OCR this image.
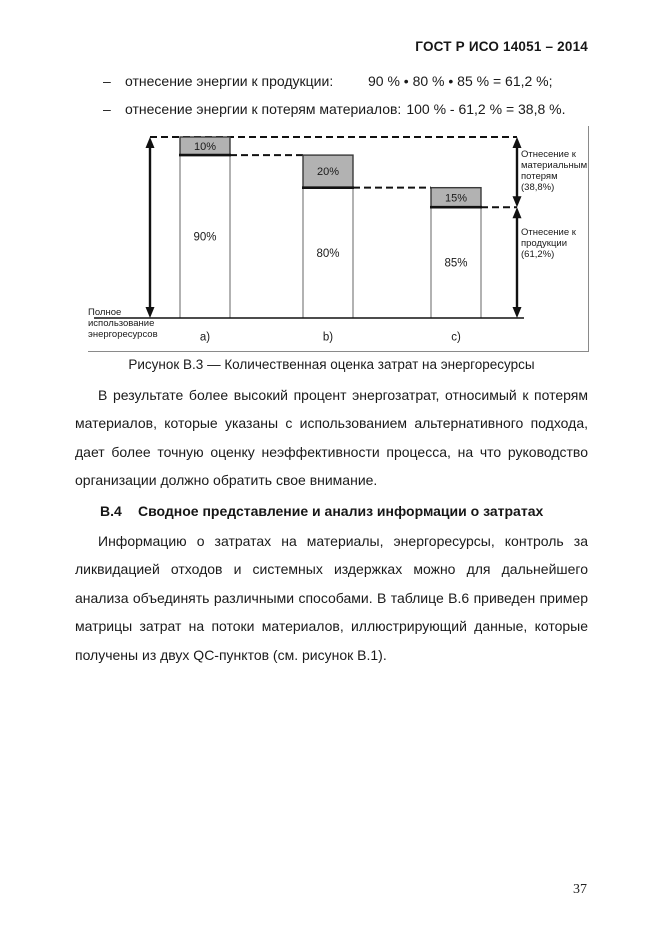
ГОСТ Р ИСО 14051 – 2014
– отнесение энергии к продукции: 90 % • 80 % • 85 % = 61,2 %;
– отнесение энергии к потерям материалов: 100 % - 61,2 % = 38,8 %.
10%
90%
a)
20%
80%
b)
15%
85%
c)
Полное
использование
энергоресурсов
Отнесение к
материальным
потерям
(38,8%)
Отнесение к
продукции
(61,2%)
Рисунок В.3 — Количественная оценка затрат на энергоресурсы
В результате более высокий процент энергозатрат, относимый к потерям материалов, которые указаны с использованием альтернативного подхода, дает более точную оценку неэффективности процесса, на что руководство организации должно обратить свое внимание.
В.4 Сводное представление и анализ информации о затратах
Информацию о затратах на материалы, энергоресурсы, контроль за ликвидацией отходов и системных издержках можно для дальнейшего анализа объединять различными способами. В таблице В.6 приведен пример матрицы затрат на потоки материалов, иллюстрирующий данные, которые получены из двух QC-пунктов (см. рисунок В.1).
37
